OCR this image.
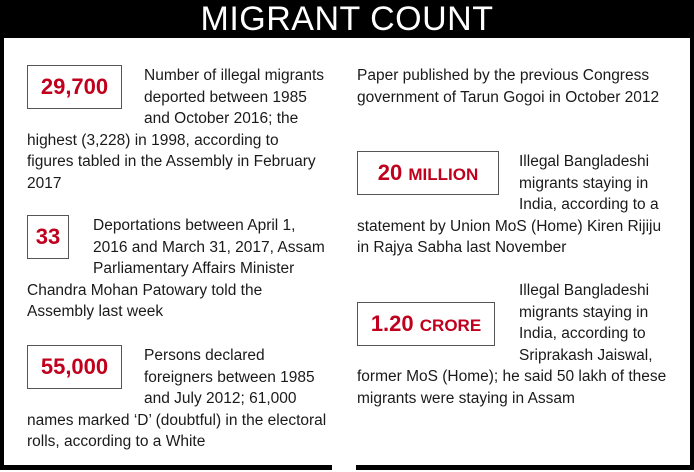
MIGRANT COUNT
29,700	Number of illegal migrants deported between 1985 and October 2016; the highest (3,228) in 1998, according to figures tabled in the Assembly in February 2017
33	Deportations between April 1, 2016 and March 31, 2017, Assam Parliamentary Affairs Minister Chandra Mohan Patowary told the Assembly last week
55,000	Persons declared foreigners between 1985 and July 2012; 61,000 names marked ‘D’ (doubtful) in the electoral rolls, according to a White
Paper published by the previous Congress government of Tarun Gogoi in October 2012
20 MILLION
Illegal Bangladeshi migrants staying in India, according to a statement by Union MoS (Home) Kiren Rijiju in Rajya Sabha last November
1.20 CRORE
Illegal Bangladeshi migrants staying in India, according to Sriprakash Jaiswal, former MoS (Home); he said 50 lakh of these migrants were staying in Assam
